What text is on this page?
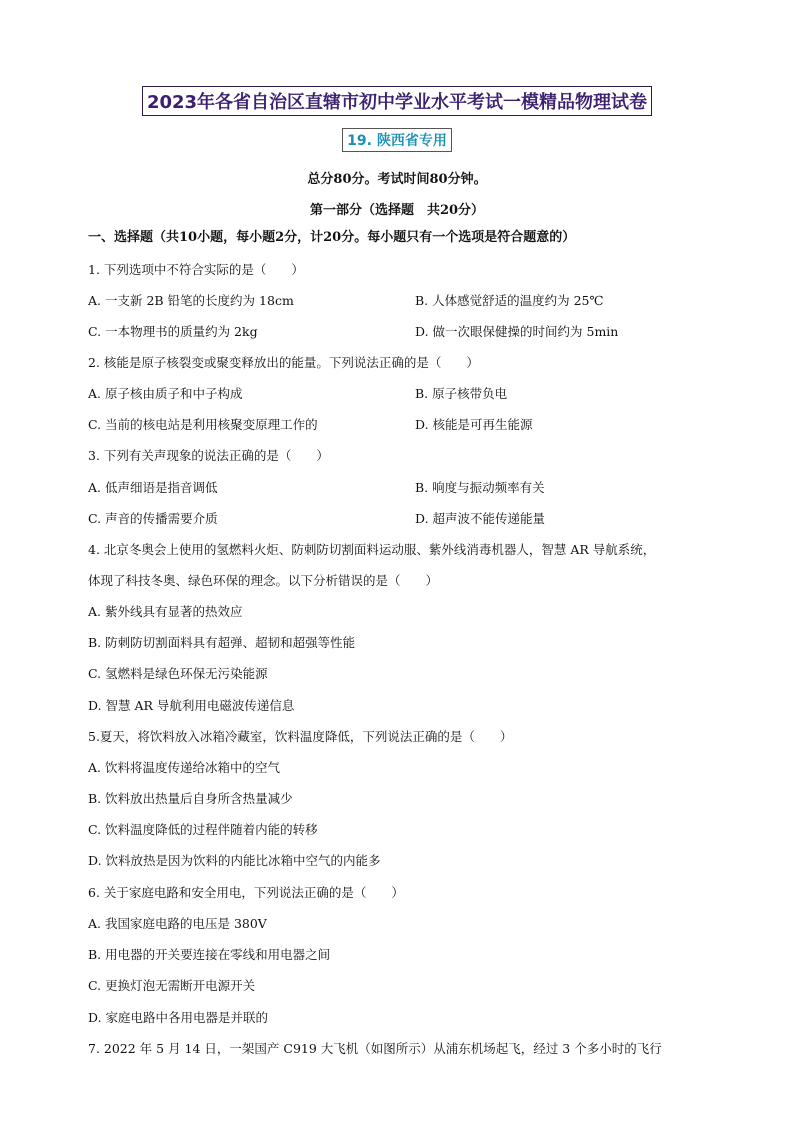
2023年各省自治区直辖市初中学业水平考试一模精品物理试卷
19. 陕西省专用
总分80分。考试时间80分钟。
第一部分（选择题　共20分）
一、选择题（共10小题，每小题2分，计20分。每小题只有一个选项是符合题意的）
1. 下列选项中不符合实际的是（　　）
A. 一支新 2B 铅笔的长度约为 18cm	B. 人体感觉舒适的温度约为 25℃
C. 一本物理书的质量约为 2kg	D. 做一次眼保健操的时间约为 5min
2. 核能是原子核裂变或聚变释放出的能量。下列说法正确的是（　　）
A. 原子核由质子和中子构成	B. 原子核带负电
C. 当前的核电站是利用核聚变原理工作的	D. 核能是可再生能源
3. 下列有关声现象的说法正确的是（　　）
A. 低声细语是指音调低	B. 响度与振动频率有关
C. 声音的传播需要介质	D. 超声波不能传递能量
4. 北京冬奥会上使用的氢燃料火炬、防刺防切割面料运动服、紫外线消毒机器人，智慧 AR 导航系统，
体现了科技冬奥、绿色环保的理念。以下分析错误的是（　　）
A. 紫外线具有显著的热效应
B. 防刺防切割面料具有超弹、超韧和超强等性能
C. 氢燃料是绿色环保无污染能源
D. 智慧 AR 导航利用电磁波传递信息
5.夏天，将饮料放入冰箱冷藏室，饮料温度降低，下列说法正确的是（　　）
A. 饮料将温度传递给冰箱中的空气
B. 饮料放出热量后自身所含热量减少
C. 饮料温度降低的过程伴随着内能的转移
D. 饮料放热是因为饮料的内能比冰箱中空气的内能多
6. 关于家庭电路和安全用电，下列说法正确的是（　　）
A. 我国家庭电路的电压是 380V
B. 用电器的开关要连接在零线和用电器之间
C. 更换灯泡无需断开电源开关
D. 家庭电路中各用电器是并联的
7. 2022 年 5 月 14 日，一架国产 C919 大飞机（如图所示）从浦东机场起飞，经过 3 个多小时的飞行
